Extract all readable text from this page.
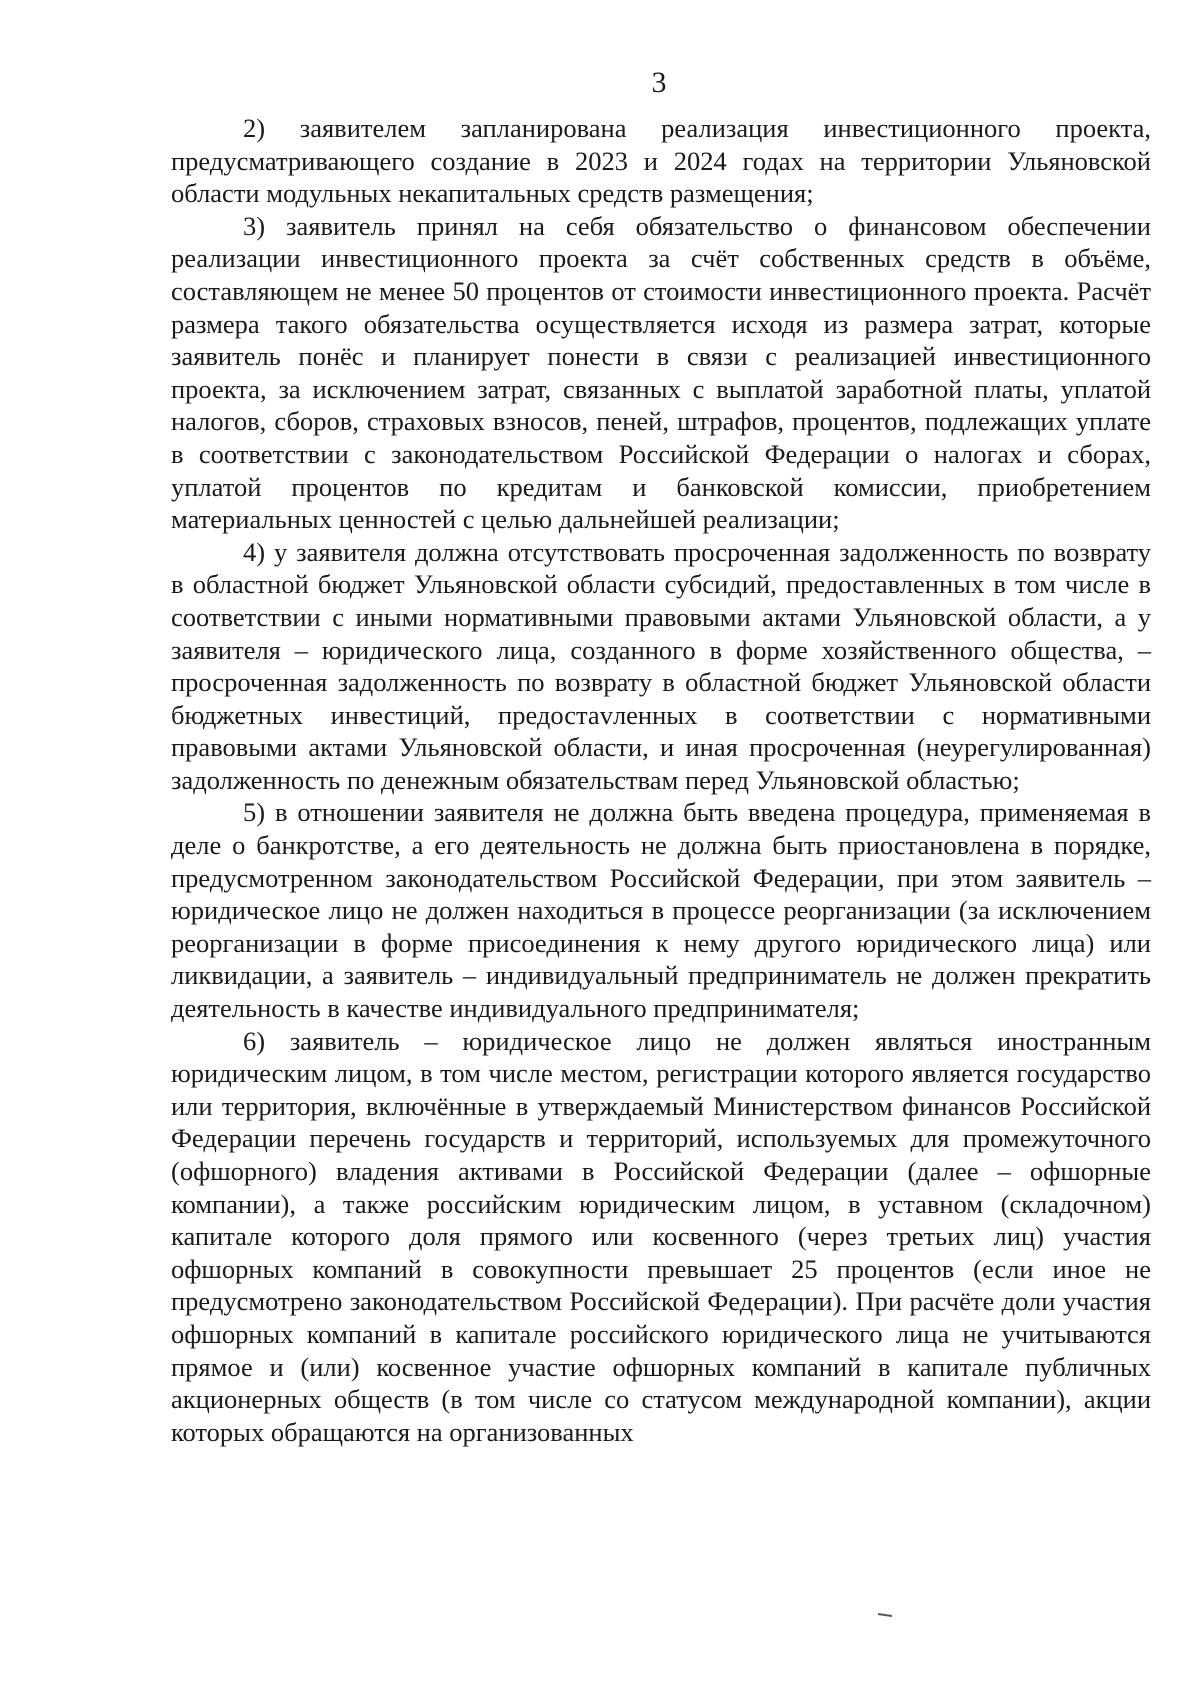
3

2) заявителем запланирована реализация инвестиционного проекта, предусматривающего создание в 2023 и 2024 годах на территории Ульяновской области модульных некапитальных средств размещения;

3) заявитель принял на себя обязательство о финансовом обеспечении реализации инвестиционного проекта за счёт собственных средств в объёме, составляющем не менее 50 процентов от стоимости инвестиционного проекта. Расчёт размера такого обязательства осуществляется исходя из размера затрат, которые заявитель понёс и планирует понести в связи с реализацией инвестиционного проекта, за исключением затрат, связанных с выплатой заработной платы, уплатой налогов, сборов, страховых взносов, пеней, штрафов, процентов, подлежащих уплате в соответствии с законодательством Российской Федерации о налогах и сборах, уплатой процентов по кредитам и банковской комиссии, приобретением материальных ценностей с целью дальнейшей реализации;

4) у заявителя должна отсутствовать просроченная задолженность по возврату в областной бюджет Ульяновской области субсидий, предоставленных в том числе в соответствии с иными нормативными правовыми актами Ульяновской области, а у заявителя – юридического лица, созданного в форме хозяйственного общества, – просроченная задолженность по возврату в областной бюджет Ульяновской области бюджетных инвестиций, предостаvленных в соответствии с нормативными правовыми актами Ульяновской области, и иная просроченная (неурегулированная) задолженность по денежным обязательствам перед Ульяновской областью;

5) в отношении заявителя не должна быть введена процедура, применяемая в деле о банкротстве, а его деятельность не должна быть приостановлена в порядке, предусмотренном законодательством Российской Федерации, при этом заявитель – юридическое лицо не должен находиться в процессе реорганизации (за исключением реорганизации в форме присоединения к нему другого юридического лица) или ликвидации, а заявитель – индивидуальный предприниматель не должен прекратить деятельность в качестве индивидуального предпринимателя;

6) заявитель – юридическое лицо не должен являться иностранным юридическим лицом, в том числе местом, регистрации которого является государство или территория, включённые в утверждаемый Министерством финансов Российской Федерации перечень государств и территорий, используемых для промежуточного (офшорного) владения активами в Российской Федерации (далее – офшорные компании), а также российским юридическим лицом, в уставном (складочном) капитале которого доля прямого или косвенного (через третьих лиц) участия офшорных компаний в совокупности превышает 25 процентов (если иное не предусмотрено законодательством Российской Федерации). При расчёте доли участия офшорных компаний в капитале российского юридического лица не учитываются прямое и (или) косвенное участие офшорных компаний в капитале публичных акционерных обществ (в том числе со статусом международной компании), акции которых обращаются на организованных
